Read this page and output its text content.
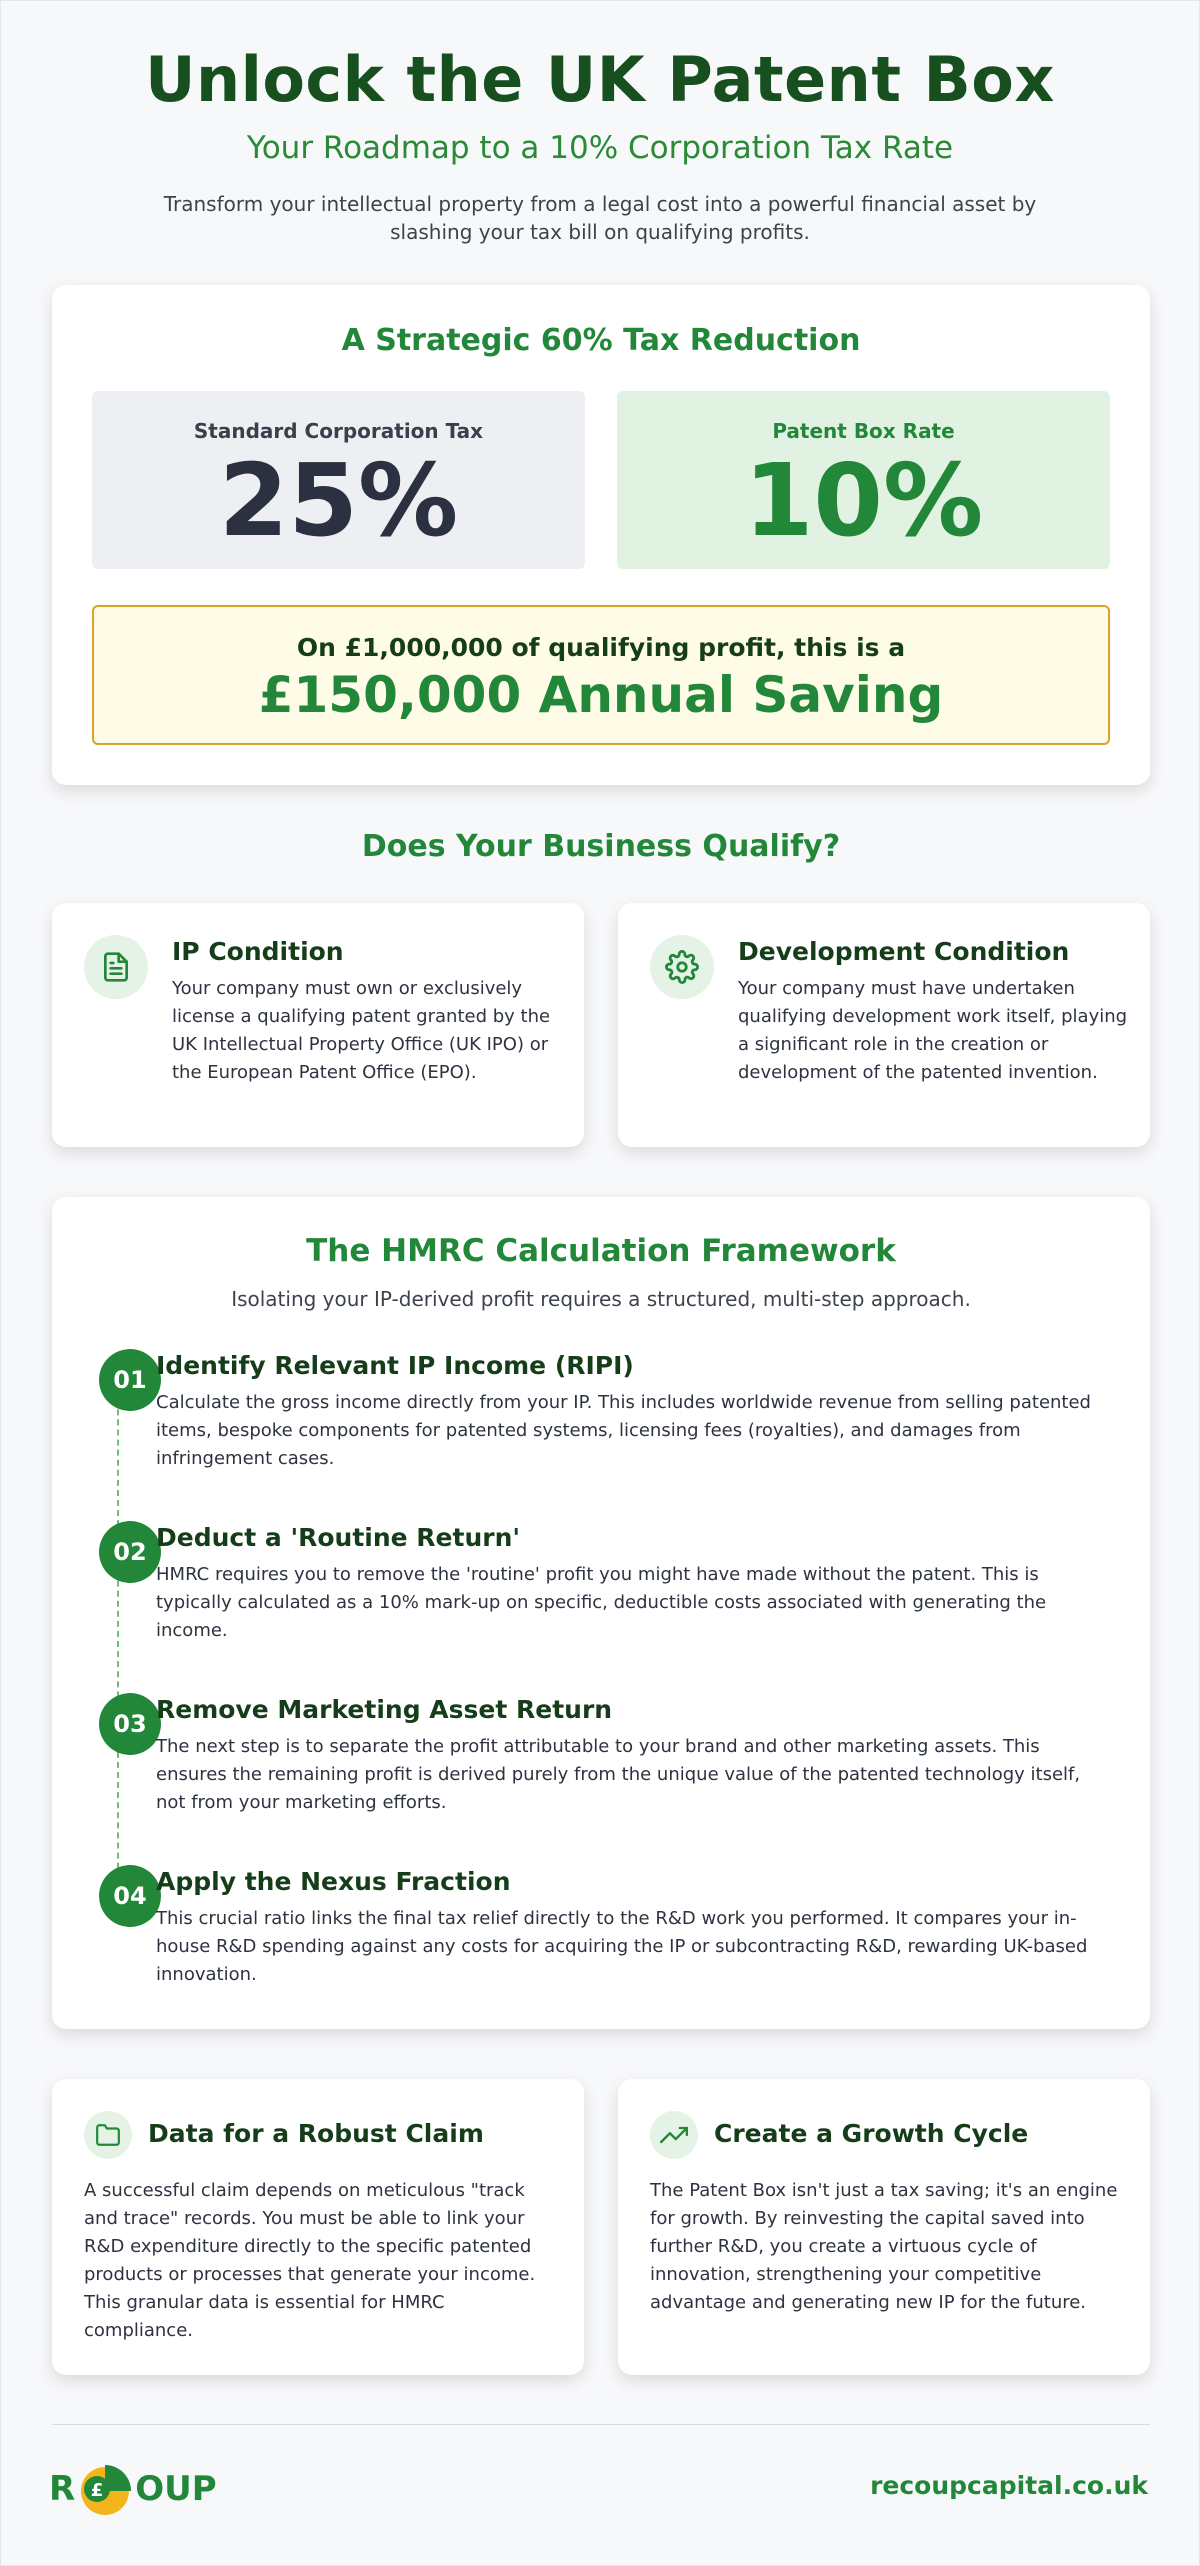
Unlock the UK Patent Box
Your Roadmap to a 10% Corporation Tax Rate

Transform your intellectual property from a legal cost into a powerful financial asset by slashing your tax bill on qualifying profits.

A Strategic 60% Tax Reduction
Standard Corporation Tax
25%
Patent Box Rate
10%
On £1,000,000 of qualifying profit, this is a
£150,000 Annual Saving
Does Your Business Qualify?
IP Condition
Your company must own or exclusively license a qualifying patent granted by the UK Intellectual Property Office (UK IPO) or the European Patent Office (EPO).
Development Condition
Your company must have undertaken qualifying development work itself, playing a significant role in the creation or development of the patented invention.
The HMRC Calculation Framework
Isolating your IP-derived profit requires a structured, multi-step approach.
01 Identify Relevant IP Income (RIPI)
Calculate the gross income directly from your IP. This includes worldwide revenue from selling patented items, bespoke components for patented systems, licensing fees (royalties), and damages from infringement cases.
02 Deduct a 'Routine Return'
HMRC requires you to remove the 'routine' profit you might have made without the patent. This is typically calculated as a 10% mark-up on specific, deductible costs associated with generating the income.
03 Remove Marketing Asset Return
The next step is to separate the profit attributable to your brand and other marketing assets. This ensures the remaining profit is derived purely from the unique value of the patented technology itself, not from your marketing efforts.
04 Apply the Nexus Fraction
This crucial ratio links the final tax relief directly to the R&D work you performed. It compares your in-house R&D spending against any costs for acquiring the IP or subcontracting R&D, rewarding UK-based innovation.
Data for a Robust Claim
A successful claim depends on meticulous "track and trace" records. You must be able to link your R&D expenditure directly to the specific patented products or processes that generate your income. This granular data is essential for HMRC compliance.
Create a Growth Cycle
The Patent Box isn't just a tax saving; it's an engine for growth. By reinvesting the capital saved into further R&D, you create a virtuous cycle of innovation, strengthening your competitive advantage and generating new IP for the future.
R £ OUP	recoupcapital.co.uk
